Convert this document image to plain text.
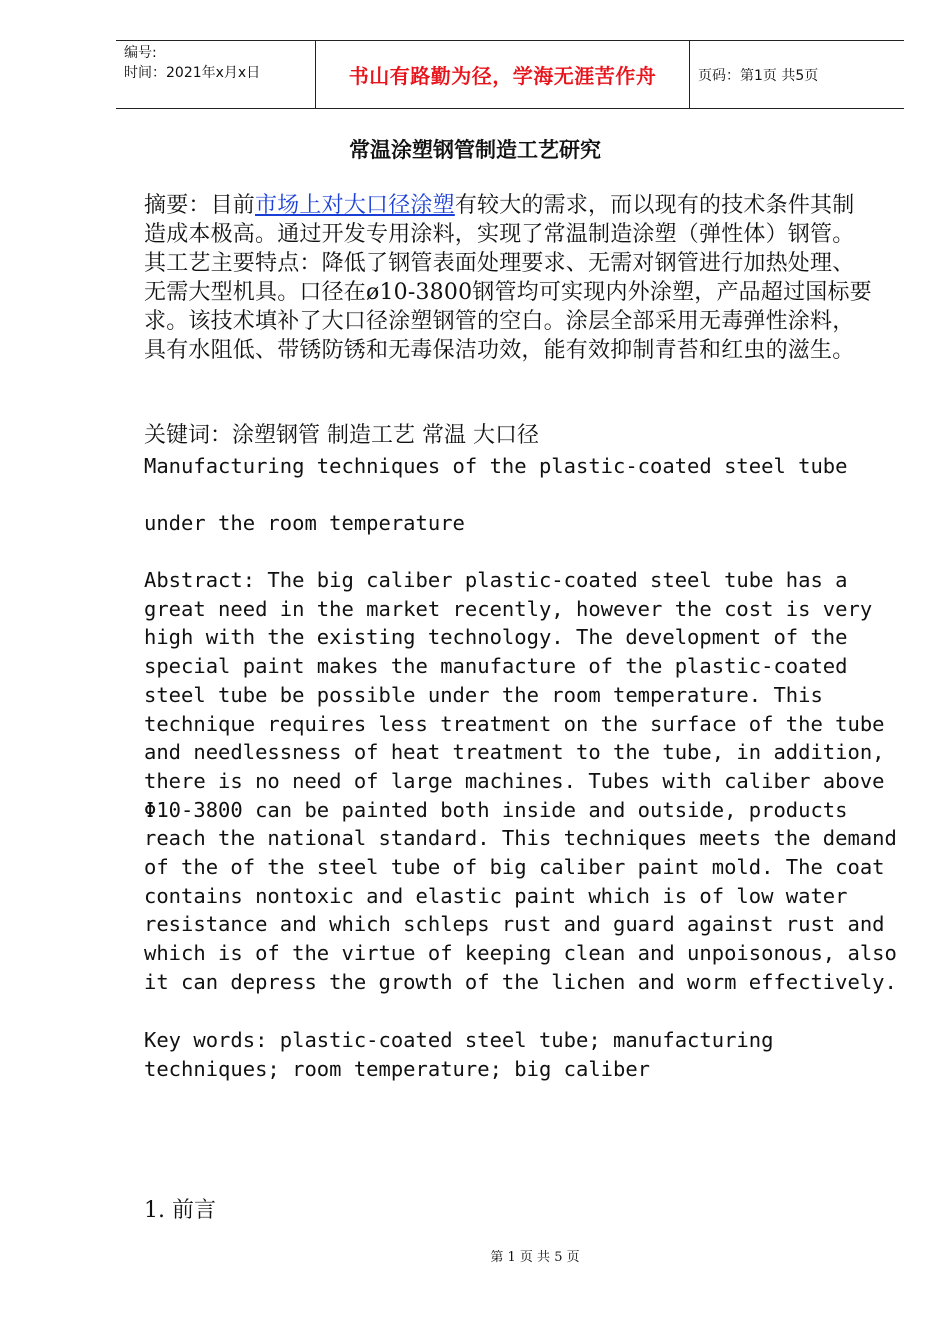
编号:
时间：2021年x月x日	书山有路勤为径，学海无涯苦作舟	页码：第1页 共5页
常温涂塑钢管制造工艺研究
摘要：目前市场上对大口径涂塑有较大的需求，而以现有的技术条件其制造成本极高。通过开发专用涂料，实现了常温制造涂塑（弹性体）钢管。其工艺主要特点：降低了钢管表面处理要求、无需对钢管进行加热处理、无需大型机具。口径在ø10-3800钢管均可实现内外涂塑，产品超过国标要求。该技术填补了大口径涂塑钢管的空白。涂层全部采用无毒弹性涂料，具有水阻低、带锈防锈和无毒保洁功效，能有效抑制青苔和红虫的滋生。
关键词：涂塑钢管 制造工艺 常温 大口径
Manufacturing techniques of the plastic-coated steel tube
under the room temperature
Abstract: The big caliber plastic-coated steel tube has a
great need in the market recently, however the cost is very
high with the existing technology. The development of the
special paint makes the manufacture of the plastic-coated
steel tube be possible under the room temperature. This
technique requires less treatment on the surface of the tube
and needlessness of heat treatment to the tube, in addition,
there is no need of large machines. Tubes with caliber above
Φ10-3800 can be painted both inside and outside, products
reach the national standard. This techniques meets the demand
of the of the steel tube of big caliber paint mold. The coat
contains nontoxic and elastic paint which is of low water
resistance and which schleps rust and guard against rust and
which is of the virtue of keeping clean and unpoisonous, also
it can depress the growth of the lichen and worm effectively.
Key words: plastic-coated steel tube; manufacturing
techniques; room temperature; big caliber
1. 前言
第 1 页 共 5 页
